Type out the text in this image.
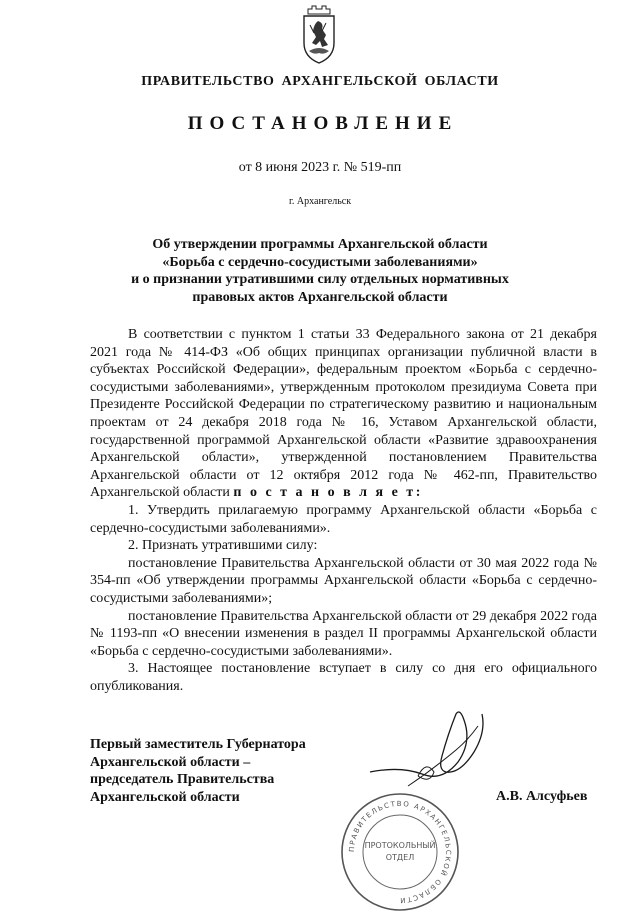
ПРАВИТЕЛЬСТВО АРХАНГЕЛЬСКОЙ ОБЛАСТИ
ПОСТАНОВЛЕНИЕ
от 8 июня 2023 г. № 519-пп
г. Архангельск
Об утверждении программы Архангельской области
«Борьба с сердечно-сосудистыми заболеваниями»
и о признании утратившими силу отдельных нормативных
правовых актов Архангельской области

В соответствии с пунктом 1 статьи 33 Федерального закона от 21 декабря 2021 года № 414-ФЗ «Об общих принципах организации публичной власти в субъектах Российской Федерации», федеральным проектом «Борьба с сердечно-сосудистыми заболеваниями», утвержденным протоколом президиума Совета при Президенте Российской Федерации по стратегическому развитию и национальным проектам от 24 декабря 2018 года № 16, Уставом Архангельской области, государственной программой Архангельской области «Развитие здравоохранения Архангельской области», утвержденной постановлением Правительства Архангельской области от 12 октября 2012 года № 462-пп, Правительство Архангельской области п о с т а н о в л я е т:

1. Утвердить прилагаемую программу Архангельской области «Борьба с сердечно-сосудистыми заболеваниями».

2. Признать утратившими силу:

постановление Правительства Архангельской области от 30 мая 2022 года № 354-пп «Об утверждении программы Архангельской области «Борьба с сердечно-сосудистыми заболеваниями»;

постановление Правительства Архангельской области от 29 декабря 2022 года № 1193-пп «О внесении изменения в раздел II программы Архангельской области «Борьба с сердечно-сосудистыми заболеваниями».

3. Настоящее постановление вступает в силу со дня его официального опубликования.

Первый заместитель Губернатора
Архангельской области –
председатель Правительства
Архангельской области	А.В. Алсуфьев
ПРАВИТЕЛЬСТВО АРХАНГЕЛЬСКОЙ ОБЛАСТИ
ПРОТОКОЛЬНЫЙ
ОТДЕЛ
